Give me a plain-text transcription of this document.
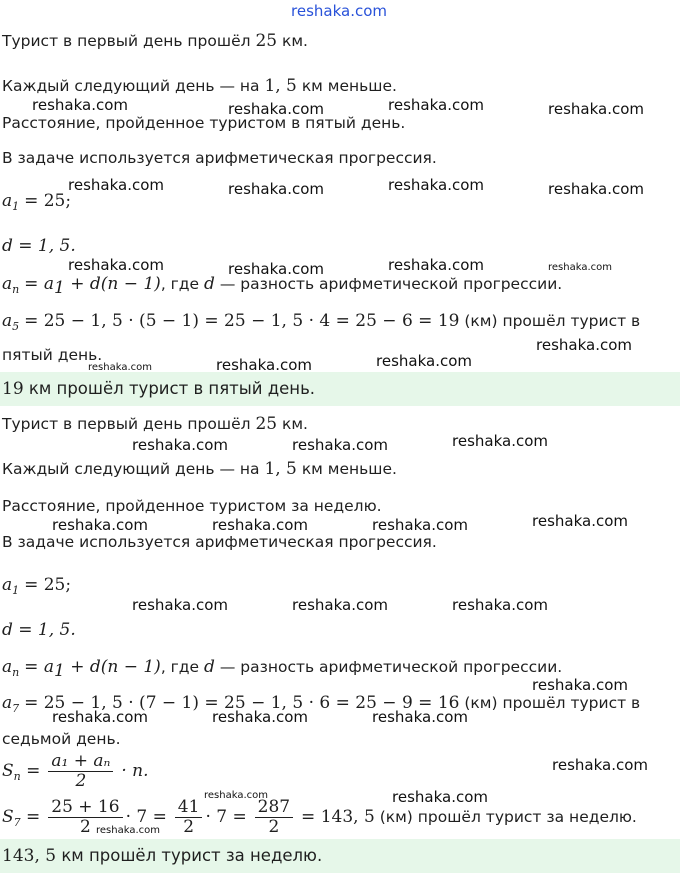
reshaka.com
Турист в первый день прошёл 25 км.
Каждый следующий день — на 1, 5 км меньше.
Расстояние, пройденное туристом в пятый день.
В задаче используется арифметическая прогрессия.
$a_1 = 25$;
d = 1, 5.
$a_n = a_1 + d(n - 1)$, где d — разность арифметической прогрессии.
$a_5 = 25 - 1$, 5 · (5 − 1) = 25 − 1, 5 · 4 = 25 − 6 = 19 (км) прошёл турист в
пятый день.
19 км прошёл турист в пятый день.
Турист в первый день прошёл 25 км.
Каждый следующий день — на 1, 5 км меньше.
Расстояние, пройденное туристом за неделю.
В задаче используется арифметическая прогрессия.
$a_1 = 25$;
d = 1, 5.
$a_n = a_1 + d(n - 1)$, где d — разность арифметической прогрессии.
$a_7 = 25 - 1$, 5 · (7 − 1) = 25 − 1, 5 · 6 = 25 − 9 = 16 (км) прошёл турист в
седьмой день.
$S_n = \frac{\text{a₁ + aₙ}}{2} \cdot n$.
$S_7 = \frac{25 + 16}{2} \cdot 7 = \frac{41}{2} \cdot 7 = \frac{287}{2} = 143$, 5 (км) прошёл турист за неделю.
143, 5 км прошёл турист за неделю.
reshaka.com	reshaka.com	reshaka.com	reshaka.com
reshaka.com	reshaka.com	reshaka.com	reshaka.com
reshaka.com	reshaka.com	reshaka.com	reshaka.com
reshaka.com
reshaka.com	reshaka.com	reshaka.com
reshaka.com	reshaka.com	reshaka.com
reshaka.com	reshaka.com	reshaka.com	reshaka.com
reshaka.com	reshaka.com	reshaka.com
reshaka.com
reshaka.com	reshaka.com	reshaka.com
reshaka.com
reshaka.com	reshaka.com
reshaka.com
